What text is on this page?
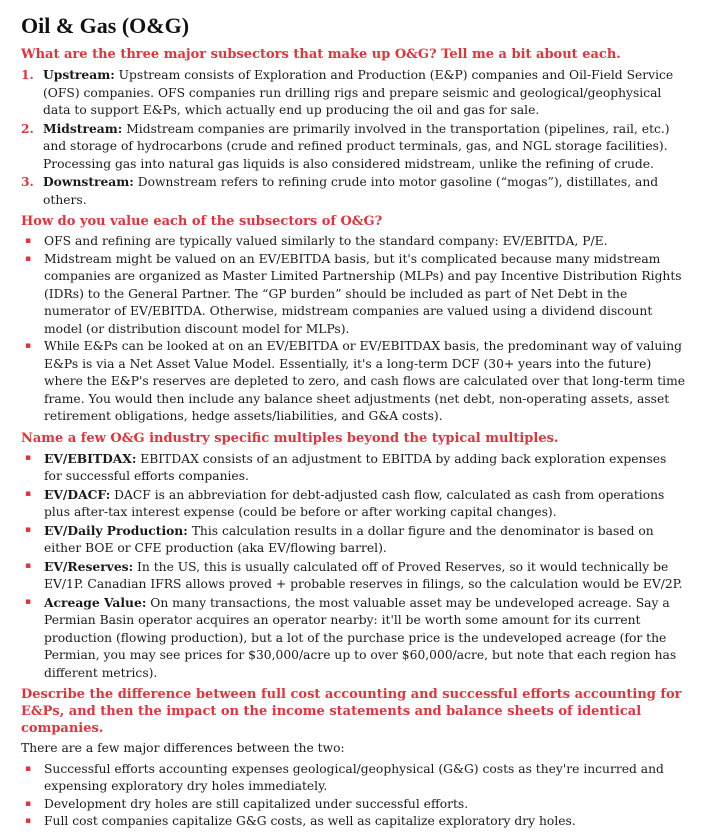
Oil & Gas (O&G)
What are the three major subsectors that make up O&G? Tell me a bit about each.
1. Upstream: Upstream consists of Exploration and Production (E&P) companies and Oil-Field Service (OFS) companies. OFS companies run drilling rigs and prepare seismic and geological/geophysical data to support E&Ps, which actually end up producing the oil and gas for sale.
2. Midstream: Midstream companies are primarily involved in the transportation (pipelines, rail, etc.) and storage of hydrocarbons (crude and refined product terminals, gas, and NGL storage facilities). Processing gas into natural gas liquids is also considered midstream, unlike the refining of crude.
3. Downstream: Downstream refers to refining crude into motor gasoline (“mogas”), distillates, and others.
How do you value each of the subsectors of O&G?
▪	OFS and refining are typically valued similarly to the standard company: EV/EBITDA, P/E.
▪	Midstream might be valued on an EV/EBITDA basis, but it's complicated because many midstream companies are organized as Master Limited Partnership (MLPs) and pay Incentive Distribution Rights (IDRs) to the General Partner. The “GP burden” should be included as part of Net Debt in the numerator of EV/EBITDA. Otherwise, midstream companies are valued using a dividend discount model (or distribution discount model for MLPs).
▪	While E&Ps can be looked at on an EV/EBITDA or EV/EBITDAX basis, the predominant way of valuing E&Ps is via a Net Asset Value Model. Essentially, it's a long-term DCF (30+ years into the future) where the E&P's reserves are depleted to zero, and cash flows are calculated over that long-term time frame. You would then include any balance sheet adjustments (net debt, non-operating assets, asset retirement obligations, hedge assets/liabilities, and G&A costs).
Name a few O&G industry specific multiples beyond the typical multiples.
▪	EV/EBITDAX: EBITDAX consists of an adjustment to EBITDA by adding back exploration expenses for successful efforts companies.
▪	EV/DACF: DACF is an abbreviation for debt-adjusted cash flow, calculated as cash from operations plus after-tax interest expense (could be before or after working capital changes).
▪	EV/Daily Production: This calculation results in a dollar figure and the denominator is based on either BOE or CFE production (aka EV/flowing barrel).
▪	EV/Reserves: In the US, this is usually calculated off of Proved Reserves, so it would technically be EV/1P. Canadian IFRS allows proved + probable reserves in filings, so the calculation would be EV/2P.
▪	Acreage Value: On many transactions, the most valuable asset may be undeveloped acreage. Say a Permian Basin operator acquires an operator nearby: it'll be worth some amount for its current production (flowing production), but a lot of the purchase price is the undeveloped acreage (for the Permian, you may see prices for $30,000/acre up to over $60,000/acre, but note that each region has different metrics).
Describe the difference between full cost accounting and successful efforts accounting for E&Ps, and then the impact on the income statements and balance sheets of identical companies.
There are a few major differences between the two:
▪	Successful efforts accounting expenses geological/geophysical (G&G) costs as they're incurred and expensing exploratory dry holes immediately.
▪	Development dry holes are still capitalized under successful efforts.
▪	Full cost companies capitalize G&G costs, as well as capitalize exploratory dry holes.
